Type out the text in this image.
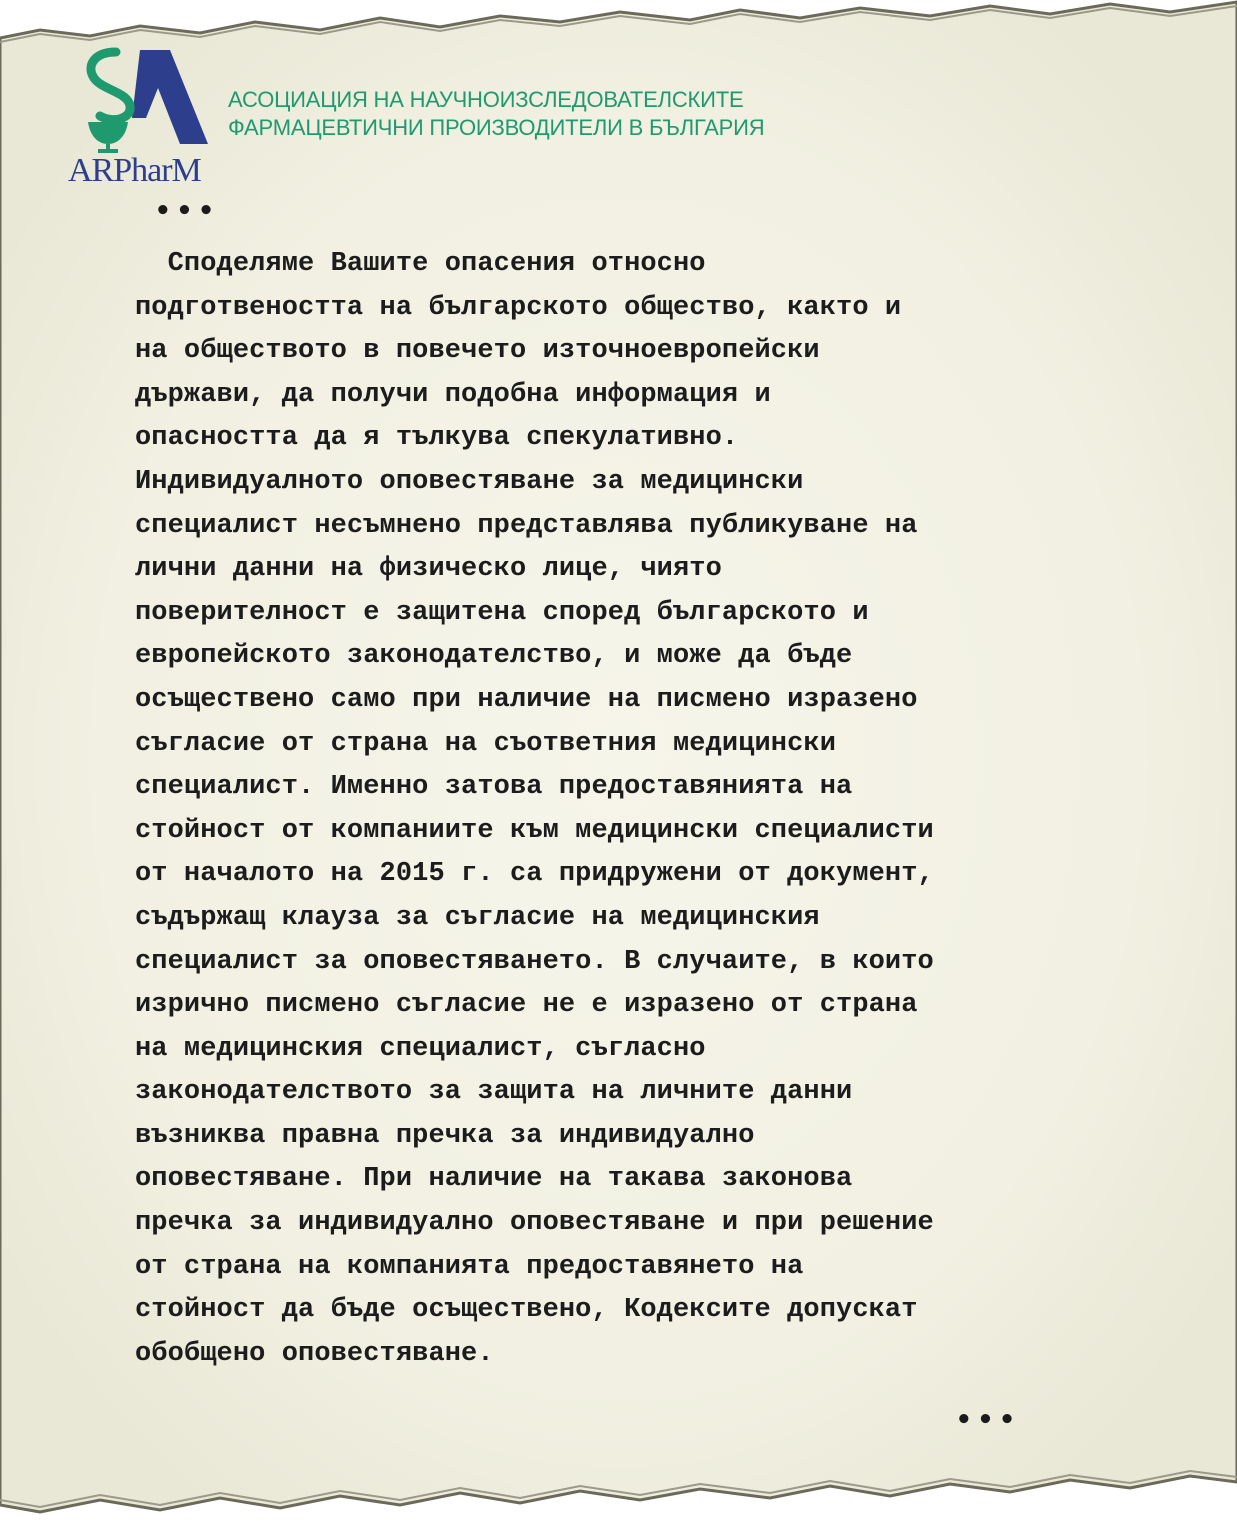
ARPharM
АСОЦИАЦИЯ НА НАУЧНОИЗСЛЕДОВАТЕЛСКИТЕ
ФАРМАЦЕВТИЧНИ ПРОИЗВОДИТЕЛИ В БЪЛГАРИЯ
•••
Споделяме Вашите опасения относно
подготвеността на българското общество, както и
на обществото в повечето източноевропейски
държави, да получи подобна информация и
опасността да я тълкува спекулативно.
Индивидуалното оповестяване за медицински
специалист несъмнено представлява публикуване на
лични данни на физическо лице, чиято
поверителност е защитена според българското и
европейското законодателство, и може да бъде
осъществено само при наличие на писмено изразено
съгласие от страна на съответния медицински
специалист. Именно затова предоставянията на
стойност от компаниите към медицински специалисти
от началото на 2015 г. са придружени от документ,
съдържащ клауза за съгласие на медицинския
специалист за оповестяването. В случаите, в които
изрично писмено съгласие не е изразено от страна
на медицинския специалист, съгласно
законодателството за защита на личните данни
възниква правна пречка за индивидуално
оповестяване. При наличие на такава законова
пречка за индивидуално оповестяване и при решение
от страна на компанията предоставянето на
стойност да бъде осъществено, Кодексите допускат
обобщено оповестяване.
•••
